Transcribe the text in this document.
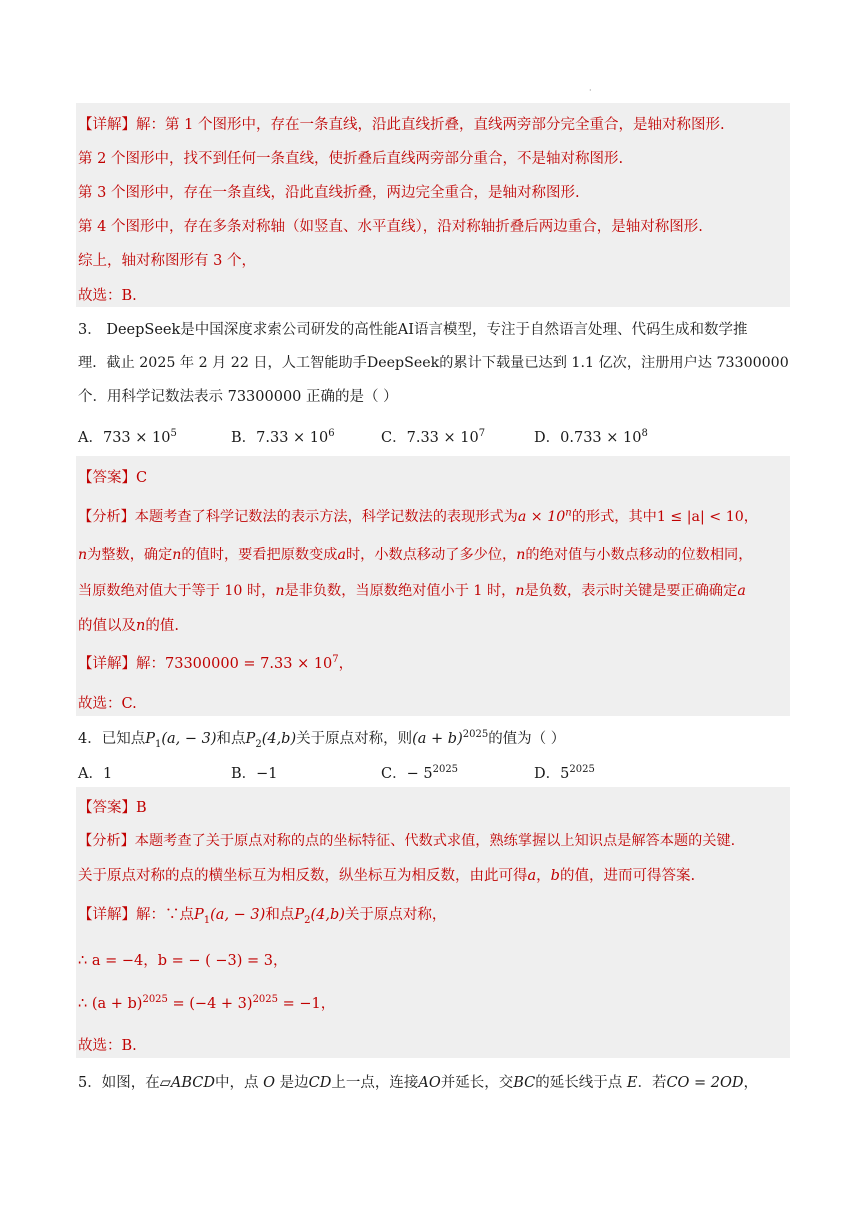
·
【详解】解：第 1 个图形中，存在一条直线，沿此直线折叠，直线两旁部分完全重合，是轴对称图形.
第 2 个图形中，找不到任何一条直线，使折叠后直线两旁部分重合，不是轴对称图形.
第 3 个图形中，存在一条直线，沿此直线折叠，两边完全重合，是轴对称图形.
第 4 个图形中，存在多条对称轴（如竖直、水平直线），沿对称轴折叠后两边重合，是轴对称图形.
综上，轴对称图形有 3 个，
故选：B.
3． DeepSeek是中国深度求索公司研发的高性能AI语言模型，专注于自然语言处理、代码生成和数学推
理．截止 2025 年 2 月 22 日，人工智能助手DeepSeek的累计下载量已达到 1.1 亿次，注册用户达 73300000
个．用科学记数法表示 73300000 正确的是（ ）
A．$733 \times 10^5$	B．$7.33 \times 10^6$	C．$7.33 \times 10^7$	D．$0.733 \times 10^8$
【答案】C
【分析】本题考查了科学记数法的表示方法，科学记数法的表现形式为$a \times 10^n$的形式，其中1 ≤ |a| < 10，
n为整数，确定n的值时，要看把原数变成a时，小数点移动了多少位，n的绝对值与小数点移动的位数相同，
当原数绝对值大于等于 10 时，n是非负数，当原数绝对值小于 1 时，n是负数，表示时关键是要正确确定a
的值以及n的值.
【详解】解：$73300000 = 7.33 \times 10^7$，
故选：C.
4．已知点$P_1(a$, − 3)和点$P_2(4,b)$关于原点对称，则$(a + b)^{2025}$的值为（ ）
A．1	B．−1	C．− $5^{2025}$	D．$5^{2025}$
【答案】B
【分析】本题考查了关于原点对称的点的坐标特征、代数式求值，熟练掌握以上知识点是解答本题的关键.
关于原点对称的点的横坐标互为相反数，纵坐标互为相反数，由此可得a，b的值，进而可得答案.
【详解】解：∵点$P_1(a$, − 3)和点$P_2(4,b)$关于原点对称，
∴ a = −4，b = − ( −3) = 3，
∴ $(a + b)^{2025} = (-4 + 3)^{2025} = -1$，
故选：B.
5．如图，在▱ABCD中，点 O 是边CD上一点，连接AO并延长，交BC的延长线于点 E．若CO = 2OD，
